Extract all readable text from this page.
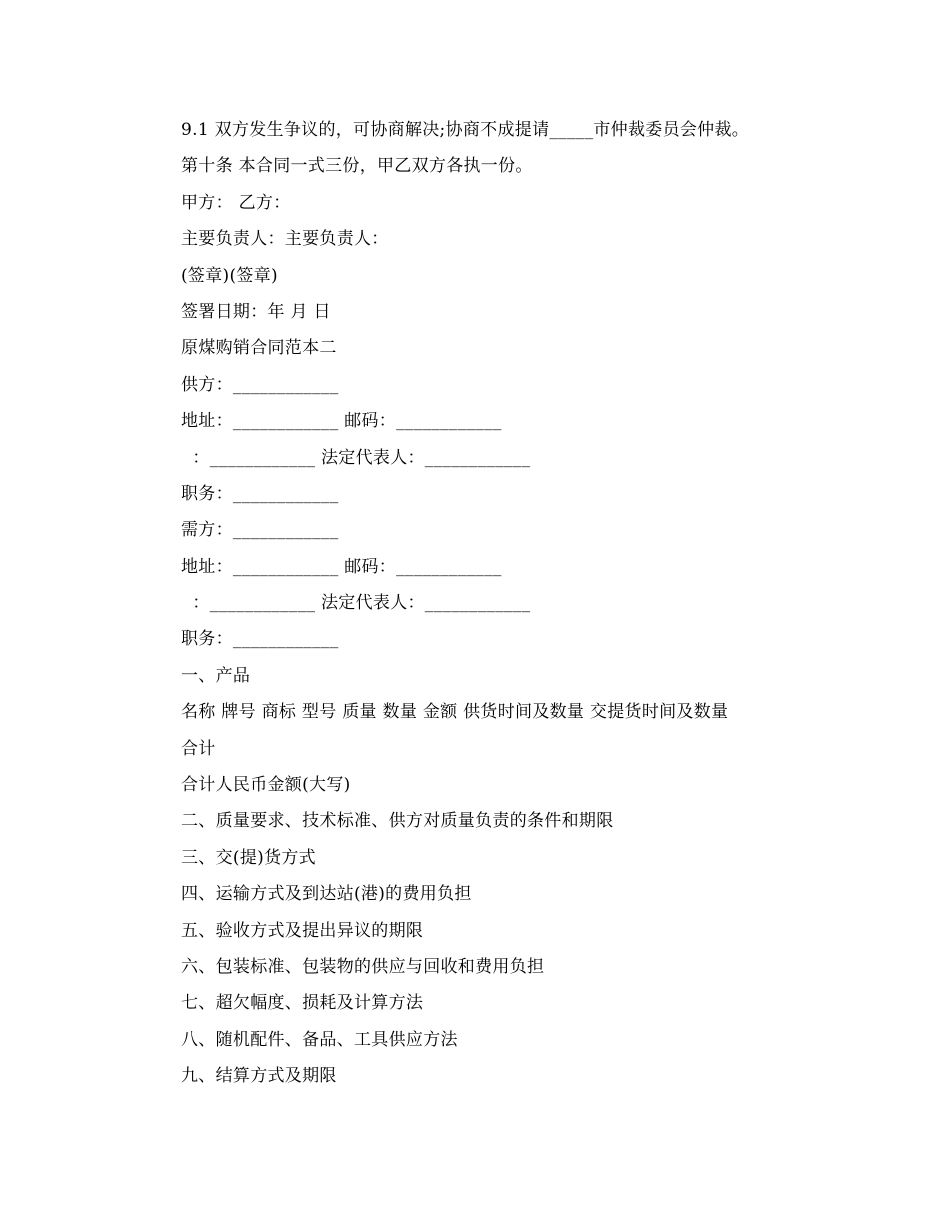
9.1 双方发生争议的，可协商解决;协商不成提请_____市仲裁委员会仲裁。
第十条 本合同一式三份，甲乙双方各执一份。
甲方： 乙方：
主要负责人：主要负责人：
(签章)(签章)
签署日期：年 月 日
原煤购销合同范本二
供方：____________
地址：____________ 邮码：____________
：____________ 法定代表人：____________
职务：____________
需方：____________
地址：____________ 邮码：____________
：____________ 法定代表人：____________
职务：____________
一、产品
名称 牌号 商标 型号 质量 数量 金额 供货时间及数量 交提货时间及数量
合计
合计人民币金额(大写)
二、质量要求、技术标准、供方对质量负责的条件和期限
三、交(提)货方式
四、运输方式及到达站(港)的费用负担
五、验收方式及提出异议的期限
六、包装标准、包装物的供应与回收和费用负担
七、超欠幅度、损耗及计算方法
八、随机配件、备品、工具供应方法
九、结算方式及期限
